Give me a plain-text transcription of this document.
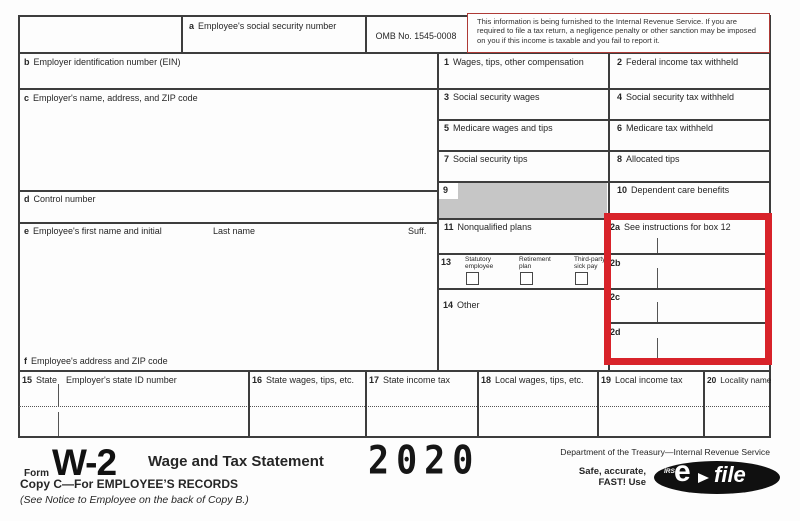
a Employee's social security number
OMB No. 1545-0008
This information is being furnished to the Internal Revenue Service. If you are required to file a tax return, a negligence penalty or other sanction may be imposed on you if this income is taxable and you fail to report it.
b Employer identification number (EIN)
c Employer's name, address, and ZIP code
d Control number
e Employee's first name and initial	Last name	Suff.
f Employee's address and ZIP code
1 Wages, tips, other compensation	2 Federal income tax withheld
3 Social security wages	4 Social security tax withheld
5 Medicare wages and tips	6 Medicare tax withheld
7 Social security tips	8 Allocated tips
9	10 Dependent care benefits
11 Nonqualified plans	12a See instructions for box 12
12b
12c
12d
13	Statutory
employee
Retirement
plan
Third-party
sick pay
14 Other
15 State Employer's state ID number	16 State wages, tips, etc. 17 State income tax	18 Local wages, tips, etc. 19 Local income tax	20 Locality name
Form W-2 Wage and Tax Statement 2020	Department of the Treasury—Internal Revenue Service
Safe, accurate,
FAST! Use
IRS e file
Copy C—For EMPLOYEE’S RECORDS
(See Notice to Employee on the back of Copy B.)
